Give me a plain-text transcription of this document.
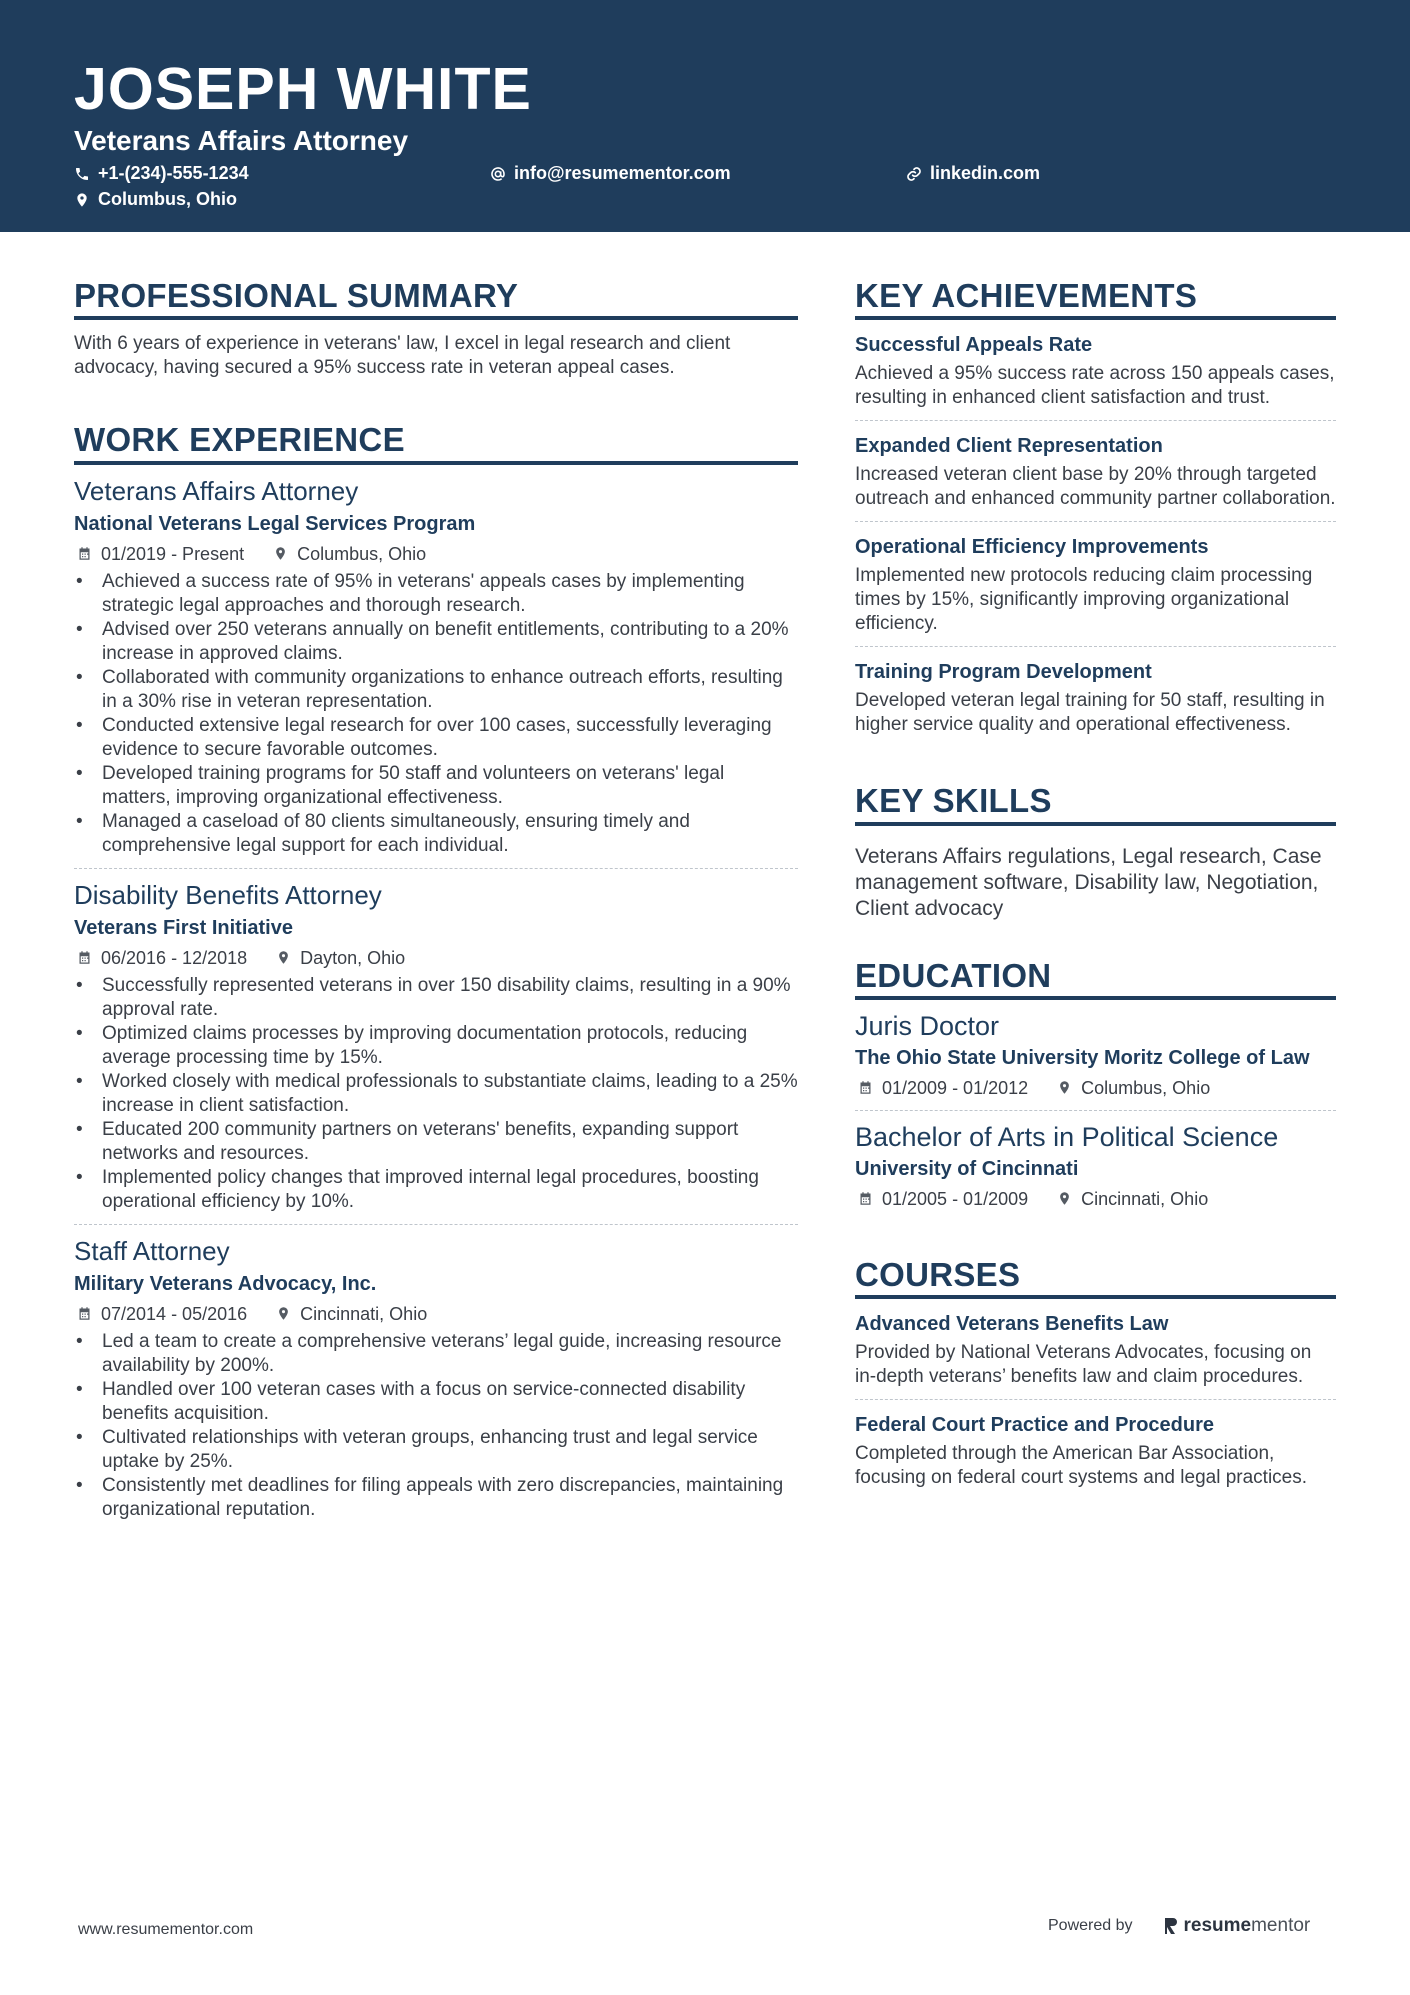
JOSEPH WHITE
Veterans Affairs Attorney
+1-(234)-555-1234	info@resumementor.com	linkedin.com
Columbus, Ohio
PROFESSIONAL SUMMARY
With 6 years of experience in veterans' law, I excel in legal research and client advocacy, having secured a 95% success rate in veteran appeal cases.
WORK EXPERIENCE
Veterans Affairs Attorney
National Veterans Legal Services Program
01/2019 - Present	Columbus, Ohio
• Achieved a success rate of 95% in veterans' appeals cases by implementing strategic legal approaches and thorough research.
• Advised over 250 veterans annually on benefit entitlements, contributing to a 20% increase in approved claims.
• Collaborated with community organizations to enhance outreach efforts, resulting in a 30% rise in veteran representation.
• Conducted extensive legal research for over 100 cases, successfully leveraging evidence to secure favorable outcomes.
• Developed training programs for 50 staff and volunteers on veterans' legal matters, improving organizational effectiveness.
• Managed a caseload of 80 clients simultaneously, ensuring timely and comprehensive legal support for each individual.
Disability Benefits Attorney
Veterans First Initiative
06/2016 - 12/2018	Dayton, Ohio
• Successfully represented veterans in over 150 disability claims, resulting in a 90% approval rate.
• Optimized claims processes by improving documentation protocols, reducing average processing time by 15%.
• Worked closely with medical professionals to substantiate claims, leading to a 25% increase in client satisfaction.
• Educated 200 community partners on veterans' benefits, expanding support networks and resources.
• Implemented policy changes that improved internal legal procedures, boosting operational efficiency by 10%.
Staff Attorney
Military Veterans Advocacy, Inc.
07/2014 - 05/2016	Cincinnati, Ohio
• Led a team to create a comprehensive veterans’ legal guide, increasing resource availability by 200%.
• Handled over 100 veteran cases with a focus on service-connected disability benefits acquisition.
• Cultivated relationships with veteran groups, enhancing trust and legal service uptake by 25%.
• Consistently met deadlines for filing appeals with zero discrepancies, maintaining organizational reputation.
KEY ACHIEVEMENTS
Successful Appeals Rate
Achieved a 95% success rate across 150 appeals cases, resulting in enhanced client satisfaction and trust.
Expanded Client Representation
Increased veteran client base by 20% through targeted outreach and enhanced community partner collaboration.
Operational Efficiency Improvements
Implemented new protocols reducing claim processing times by 15%, significantly improving organizational efficiency.
Training Program Development
Developed veteran legal training for 50 staff, resulting in higher service quality and operational effectiveness.
KEY SKILLS
Veterans Affairs regulations, Legal research, Case management software, Disability law, Negotiation, Client advocacy
EDUCATION
Juris Doctor
The Ohio State University Moritz College of Law
01/2009 - 01/2012	Columbus, Ohio
Bachelor of Arts in Political Science
University of Cincinnati
01/2005 - 01/2009	Cincinnati, Ohio
COURSES
Advanced Veterans Benefits Law
Provided by National Veterans Advocates, focusing on in-depth veterans’ benefits law and claim procedures.
Federal Court Practice and Procedure
Completed through the American Bar Association, focusing on federal court systems and legal practices.
www.resumementor.com	Powered by	resume mentor
